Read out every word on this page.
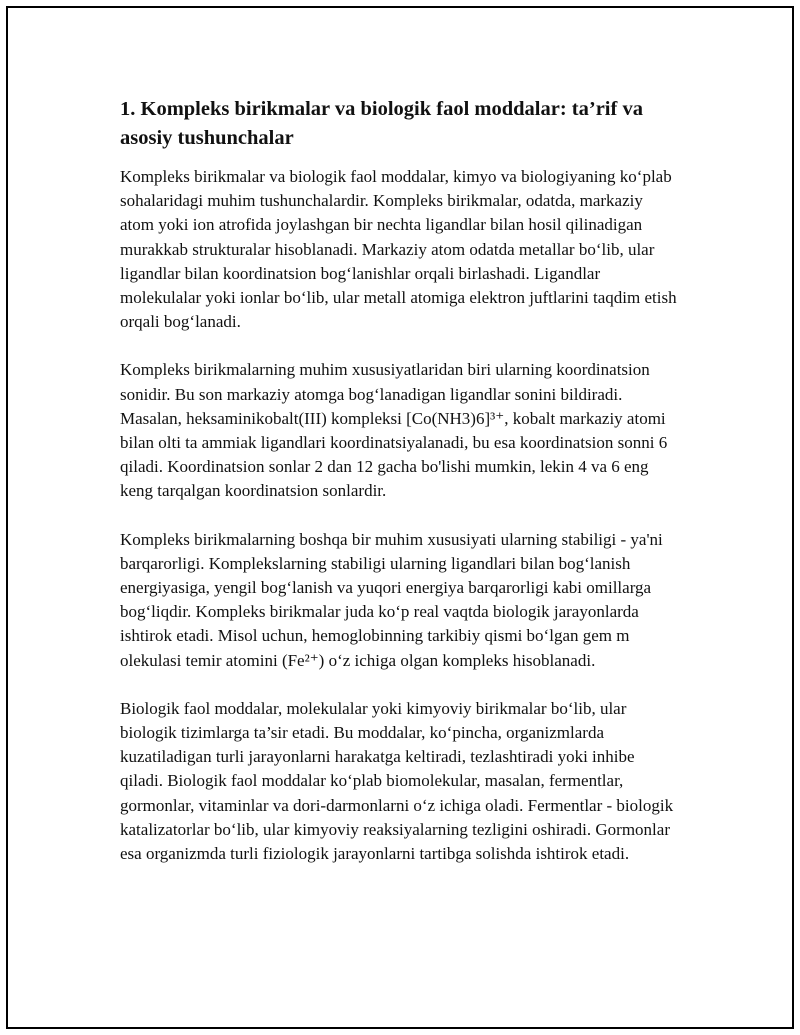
1. Kompleks birikmalar va biologik faol moddalar: ta’rif va asosiy tushunchalar

Kompleks birikmalar va biologik faol moddalar, kimyo va biologiyaning ko‘plab sohalaridagi muhim tushunchalardir. Kompleks birikmalar, odatda, markaziy atom yoki ion atrofida joylashgan bir nechta ligandlar bilan hosil qilinadigan murakkab strukturalar hisoblanadi. Markaziy atom odatda metallar bo‘lib, ular ligandlar bilan koordinatsion bog‘lanishlar orqali birlashadi. Ligandlar molekulalar yoki ionlar bo‘lib, ular metall atomiga elektron juftlarini taqdim etish orqali bog‘lanadi.

Kompleks birikmalarning muhim xususiyatlaridan biri ularning koordinatsion sonidir. Bu son markaziy atomga bog‘lanadigan ligandlar sonini bildiradi. Masalan, heksaminikobalt(III) kompleksi [Co(NH3)6]³⁺, kobalt markaziy atomi bilan olti ta ammiak ligandlari koordinatsiyalanadi, bu esa koordinatsion sonni 6 qiladi. Koordinatsion sonlar 2 dan 12 gacha bo'lishi mumkin, lekin 4 va 6 eng keng tarqalgan koordinatsion sonlardir.

Kompleks birikmalarning boshqa bir muhim xususiyati ularning stabiligi - ya'ni barqarorligi. Komplekslarning stabiligi ularning ligandlari bilan bog‘lanish energiyasiga, yengil bog‘lanish va yuqori energiya barqarorligi kabi omillarga bog‘liqdir. Kompleks birikmalar juda ko‘p real vaqtda biologik jarayonlarda ishtirok etadi. Misol uchun, hemoglobinning tarkibiy qismi bo‘lgan gem m olekulasi temir atomini (Fe²⁺) o‘z ichiga olgan kompleks hisoblanadi.

Biologik faol moddalar, molekulalar yoki kimyoviy birikmalar bo‘lib, ular biologik tizimlarga ta’sir etadi. Bu moddalar, ko‘pincha, organizmlarda kuzatiladigan turli jarayonlarni harakatga keltiradi, tezlashtiradi yoki inhibe qiladi. Biologik faol moddalar ko‘plab biomolekular, masalan, fermentlar, gormonlar, vitaminlar va dori-darmonlarni o‘z ichiga oladi. Fermentlar - biologik katalizatorlar bo‘lib, ular kimyoviy reaksiyalarning tezligini oshiradi. Gormonlar esa organizmda turli fiziologik jarayonlarni tartibga solishda ishtirok etadi.
